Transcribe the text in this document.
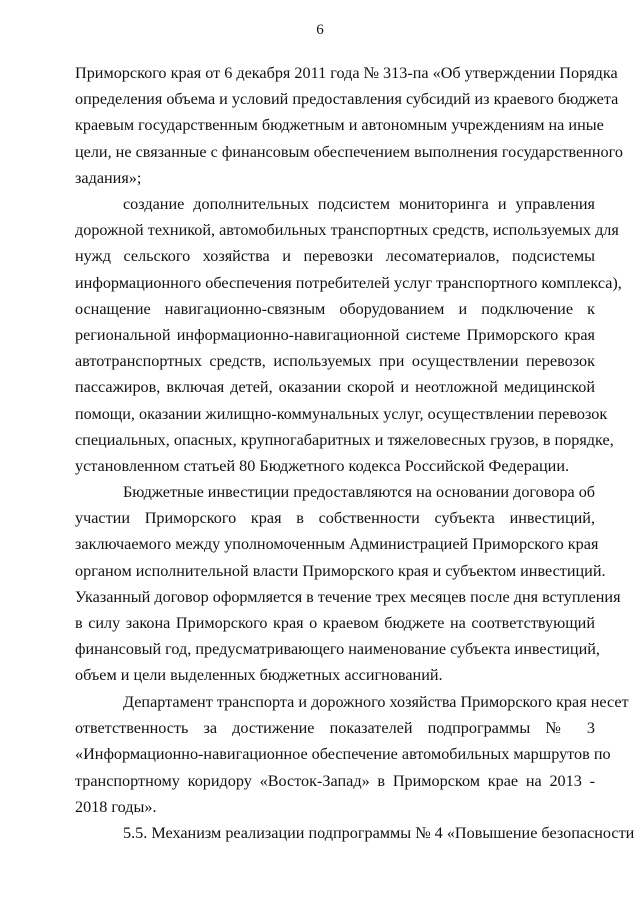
6
Приморского края от 6 декабря 2011 года № 313-па «Об утверждении Порядка
определения объема и условий предоставления субсидий из краевого бюджета
краевым государственным бюджетным и автономным учреждениям на иные
цели, не связанные с финансовым обеспечением выполнения государственного
задания»;
создание дополнительных подсистем мониторинга и управления
дорожной техникой, автомобильных транспортных средств, используемых для
нужд сельского хозяйства и перевозки лесоматериалов, подсистемы
информационного обеспечения потребителей услуг транспортного комплекса),
оснащение навигационно-связным оборудованием и подключение к
региональной информационно-навигационной системе Приморского края
автотранспортных средств, используемых при осуществлении перевозок
пассажиров, включая детей, оказании скорой и неотложной медицинской
помощи, оказании жилищно-коммунальных услуг, осуществлении перевозок
специальных, опасных, крупногабаритных и тяжеловесных грузов, в порядке,
установленном статьей 80 Бюджетного кодекса Российской Федерации.
Бюджетные инвестиции предоставляются на основании договора об
участии Приморского края в собственности субъекта инвестиций,
заключаемого между уполномоченным Администрацией Приморского края
органом исполнительной власти Приморского края и субъектом инвестиций.
Указанный договор оформляется в течение трех месяцев после дня вступления
в силу закона Приморского края о краевом бюджете на соответствующий
финансовый год, предусматривающего наименование субъекта инвестиций,
объем и цели выделенных бюджетных ассигнований.
Департамент транспорта и дорожного хозяйства Приморского края несет
ответственность за достижение показателей подпрограммы № 3
«Информационно-навигационное обеспечение автомобильных маршрутов по
транспортному коридору «Восток-Запад» в Приморском крае на 2013 -
2018 годы».
5.5. Механизм реализации подпрограммы № 4 «Повышение безопасности
